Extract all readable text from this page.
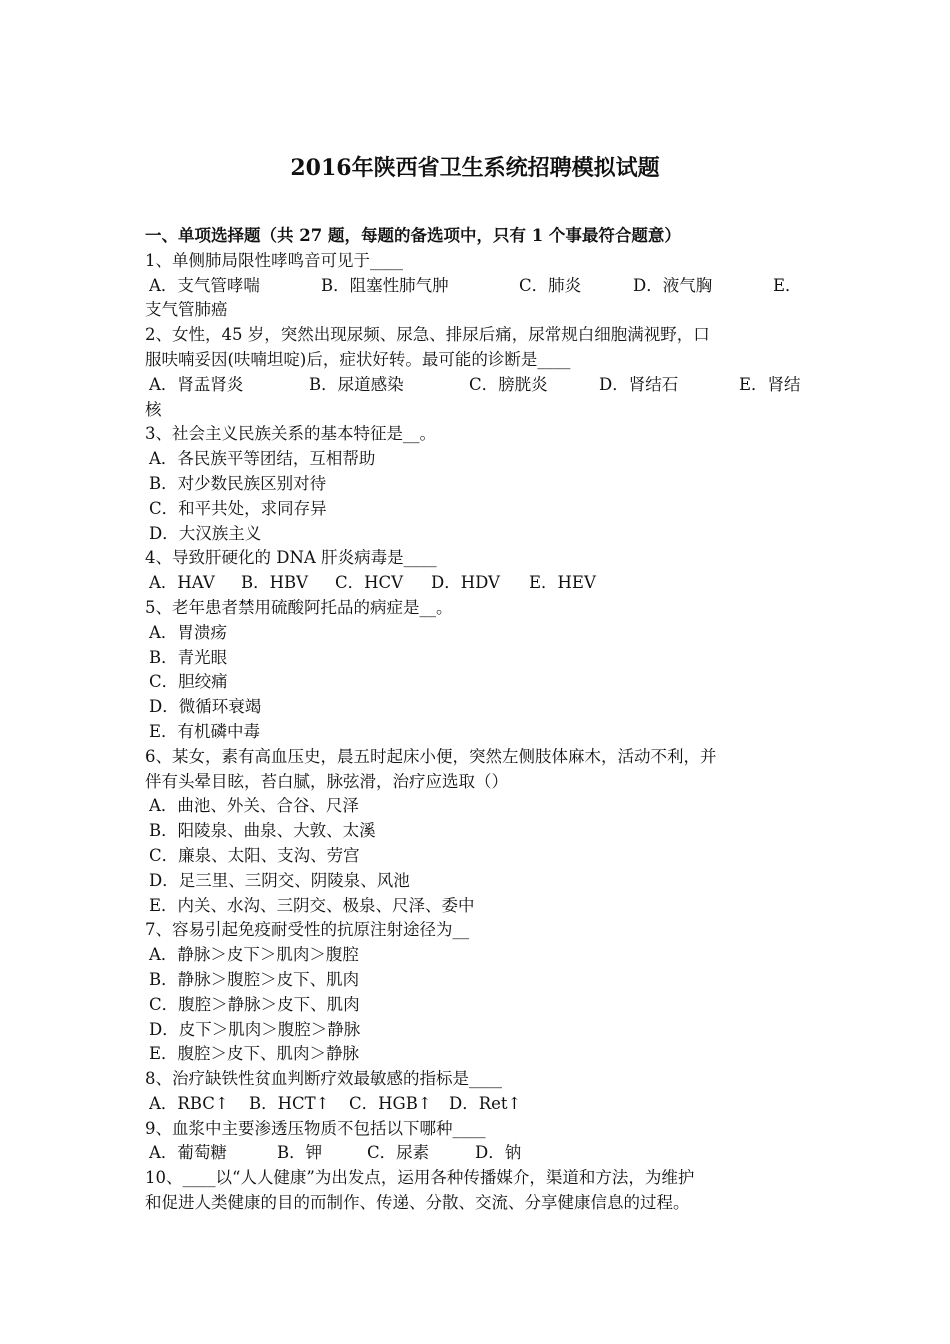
2016年陕西省卫生系统招聘模拟试题
一、单项选择题（共 27 题，每题的备选项中，只有 1 个事最符合题意）
1、单侧肺局限性哮鸣音可见于____
A．支气管哮喘	B．阻塞性肺气肿	C．肺炎	D．液气胸	E．
支气管肺癌
2、女性，45 岁，突然出现尿频、尿急、排尿后痛，尿常规白细胞满视野，口
服呋喃妥因(呋喃坦啶)后，症状好转。最可能的诊断是____
A．肾盂肾炎	B．尿道感染	C．膀胱炎	D．肾结石	E．肾结
核
3、社会主义民族关系的基本特征是__。
A．各民族平等团结，互相帮助
B．对少数民族区别对待
C．和平共处，求同存异
D．大汉族主义
4、导致肝硬化的 DNA 肝炎病毒是____
A．HAV	B．HBV	C．HCV	D．HDV	E．HEV
5、老年患者禁用硫酸阿托品的病症是__。
A．胃溃疡
B．青光眼
C．胆绞痛
D．微循环衰竭
E．有机磷中毒
6、某女，素有高血压史，晨五时起床小便，突然左侧肢体麻木，活动不利，并
伴有头晕目眩，苔白腻，脉弦滑，治疗应选取（）
A．曲池、外关、合谷、尺泽
B．阳陵泉、曲泉、大敦、太溪
C．廉泉、太阳、支沟、劳宫
D．足三里、三阴交、阴陵泉、风池
E．内关、水沟、三阴交、极泉、尺泽、委中
7、容易引起免疫耐受性的抗原注射途径为__
A．静脉＞皮下＞肌肉＞腹腔
B．静脉＞腹腔＞皮下、肌肉
C．腹腔＞静脉＞皮下、肌肉
D．皮下＞肌肉＞腹腔＞静脉
E．腹腔＞皮下、肌肉＞静脉
8、治疗缺铁性贫血判断疗效最敏感的指标是____
A．RBC↑	B．HCT↑	C．HGB↑	D．Ret↑
9、血浆中主要渗透压物质不包括以下哪种____
A．葡萄糖	B．钾	C．尿素	D．钠
10、____以“人人健康”为出发点，运用各种传播媒介，渠道和方法，为维护
和促进人类健康的目的而制作、传递、分散、交流、分享健康信息的过程。
